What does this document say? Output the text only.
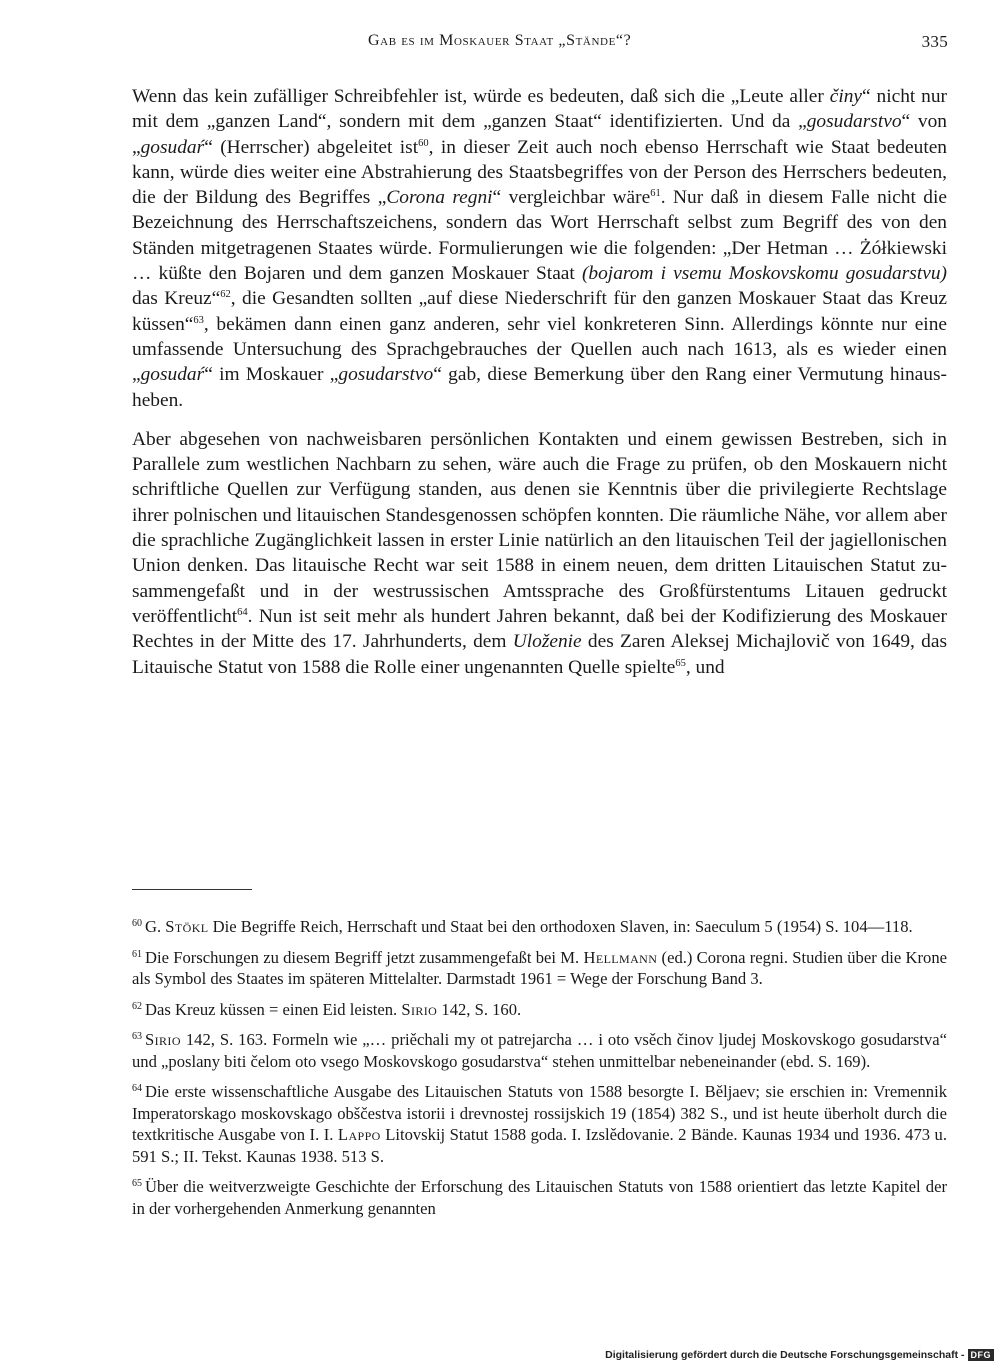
Gab es im Moskauer Staat „Stände“?	335

Wenn das kein zufälliger Schreibfehler ist, würde es bedeuten, daß sich die „Leute aller činy“ nicht nur mit dem „ganzen Land“, sondern mit dem „ganzen Staat“ identifizierten. Und da „gosudarstvo“ von „gosudaŕ“ (Herrscher) abgeleitet ist$^{60}$, in dieser Zeit auch noch ebenso Herrschaft wie Staat bedeuten kann, würde dies weiter eine Abstrahierung des Staatsbegriffes von der Person des Herrschers bedeuten, die der Bildung des Begriffes „Corona regni“ vergleichbar wäre$^{61}$. Nur daß in diesem Falle nicht die Bezeichnung des Herrschaftszeichens, sondern das Wort Herrschaft selbst zum Begriff des von den Ständen mitgetragenen Staates würde. Formulierungen wie die folgenden: „Der Hetman … Żółkiewski … küßte den Bojaren und dem ganzen Moskauer Staat (bojarom i vsemu Moskovskomu gosudarstvu) das Kreuz“$^{62}$, die Gesandten sollten „auf diese Niederschrift für den ganzen Moskauer Staat das Kreuz küssen“$^{63}$, bekämen dann einen ganz anderen, sehr viel konkreteren Sinn. Allerdings könnte nur eine umfassende Untersuchung des Sprachgebrauches der Quellen auch nach 1613, als es wieder einen „gosudaŕ“ im Moskauer „gosudarstvo“ gab, diese Bemerkung über den Rang einer Vermutung hinausheben.

Aber abgesehen von nachweisbaren persönlichen Kontakten und einem gewissen Bestreben, sich in Parallele zum westlichen Nachbarn zu sehen, wäre auch die Frage zu prüfen, ob den Moskauern nicht schriftliche Quellen zur Verfügung standen, aus denen sie Kenntnis über die privilegierte Rechtslage ihrer polnischen und litauischen Standesgenossen schöpfen konnten. Die räumliche Nähe, vor allem aber die sprachliche Zugänglichkeit lassen in erster Linie natürlich an den litauischen Teil der jagiellonischen Union denken. Das litauische Recht war seit 1588 in einem neuen, dem dritten Litauischen Statut zusammengefaßt und in der westrussischen Amtssprache des Großfürstentums Litauen gedruckt veröffentlicht$^{64}$. Nun ist seit mehr als hundert Jahren bekannt, daß bei der Kodifizierung des Moskauer Rechtes in der Mitte des 17. Jahrhunderts, dem Uloženie des Zaren Aleksej Michajlovič von 1649, das Litauische Statut von 1588 die Rolle einer ungenannten Quelle spielte$^{65}$, und

$^{60}$ G. Stökl Die Begriffe Reich, Herrschaft und Staat bei den orthodoxen Slaven, in: Saeculum 5 (1954) S. 104—118.

$^{61}$ Die Forschungen zu diesem Begriff jetzt zusammengefaßt bei M. Hellmann (ed.) Corona regni. Studien über die Krone als Symbol des Staates im späteren Mittelalter. Darmstadt 1961 = Wege der Forschung Band 3.

$^{62}$ Das Kreuz küssen = einen Eid leisten. Sirio 142, S. 160.

$^{63}$ Sirio 142, S. 163. Formeln wie „… priěchali my ot patrejarcha … i oto vsěch činov ljudej Moskovskogo gosudarstva“ und „poslany biti čelom oto vsego Moskovskogo gosudarstva“ stehen unmittelbar nebeneinander (ebd. S. 169).

$^{64}$ Die erste wissenschaftliche Ausgabe des Litauischen Statuts von 1588 besorgte I. Běljaev; sie erschien in: Vremennik Imperatorskago moskovskago obščestva istorii i drevnostej rossijskich 19 (1854) 382 S., und ist heute überholt durch die textkritische Ausgabe von I. I. Lappo Litovskij Statut 1588 goda. I. Izslědovanie. 2 Bände. Kaunas 1934 und 1936. 473 u. 591 S.; II. Tekst. Kaunas 1938. 513 S.

$^{65}$ Über die weitverzweigte Geschichte der Erforschung des Litauischen Statuts von 1588 orientiert das letzte Kapitel der in der vorhergehenden Anmerkung genannten

Digitalisierung gefördert durch die Deutsche Forschungsgemeinschaft - DFG
